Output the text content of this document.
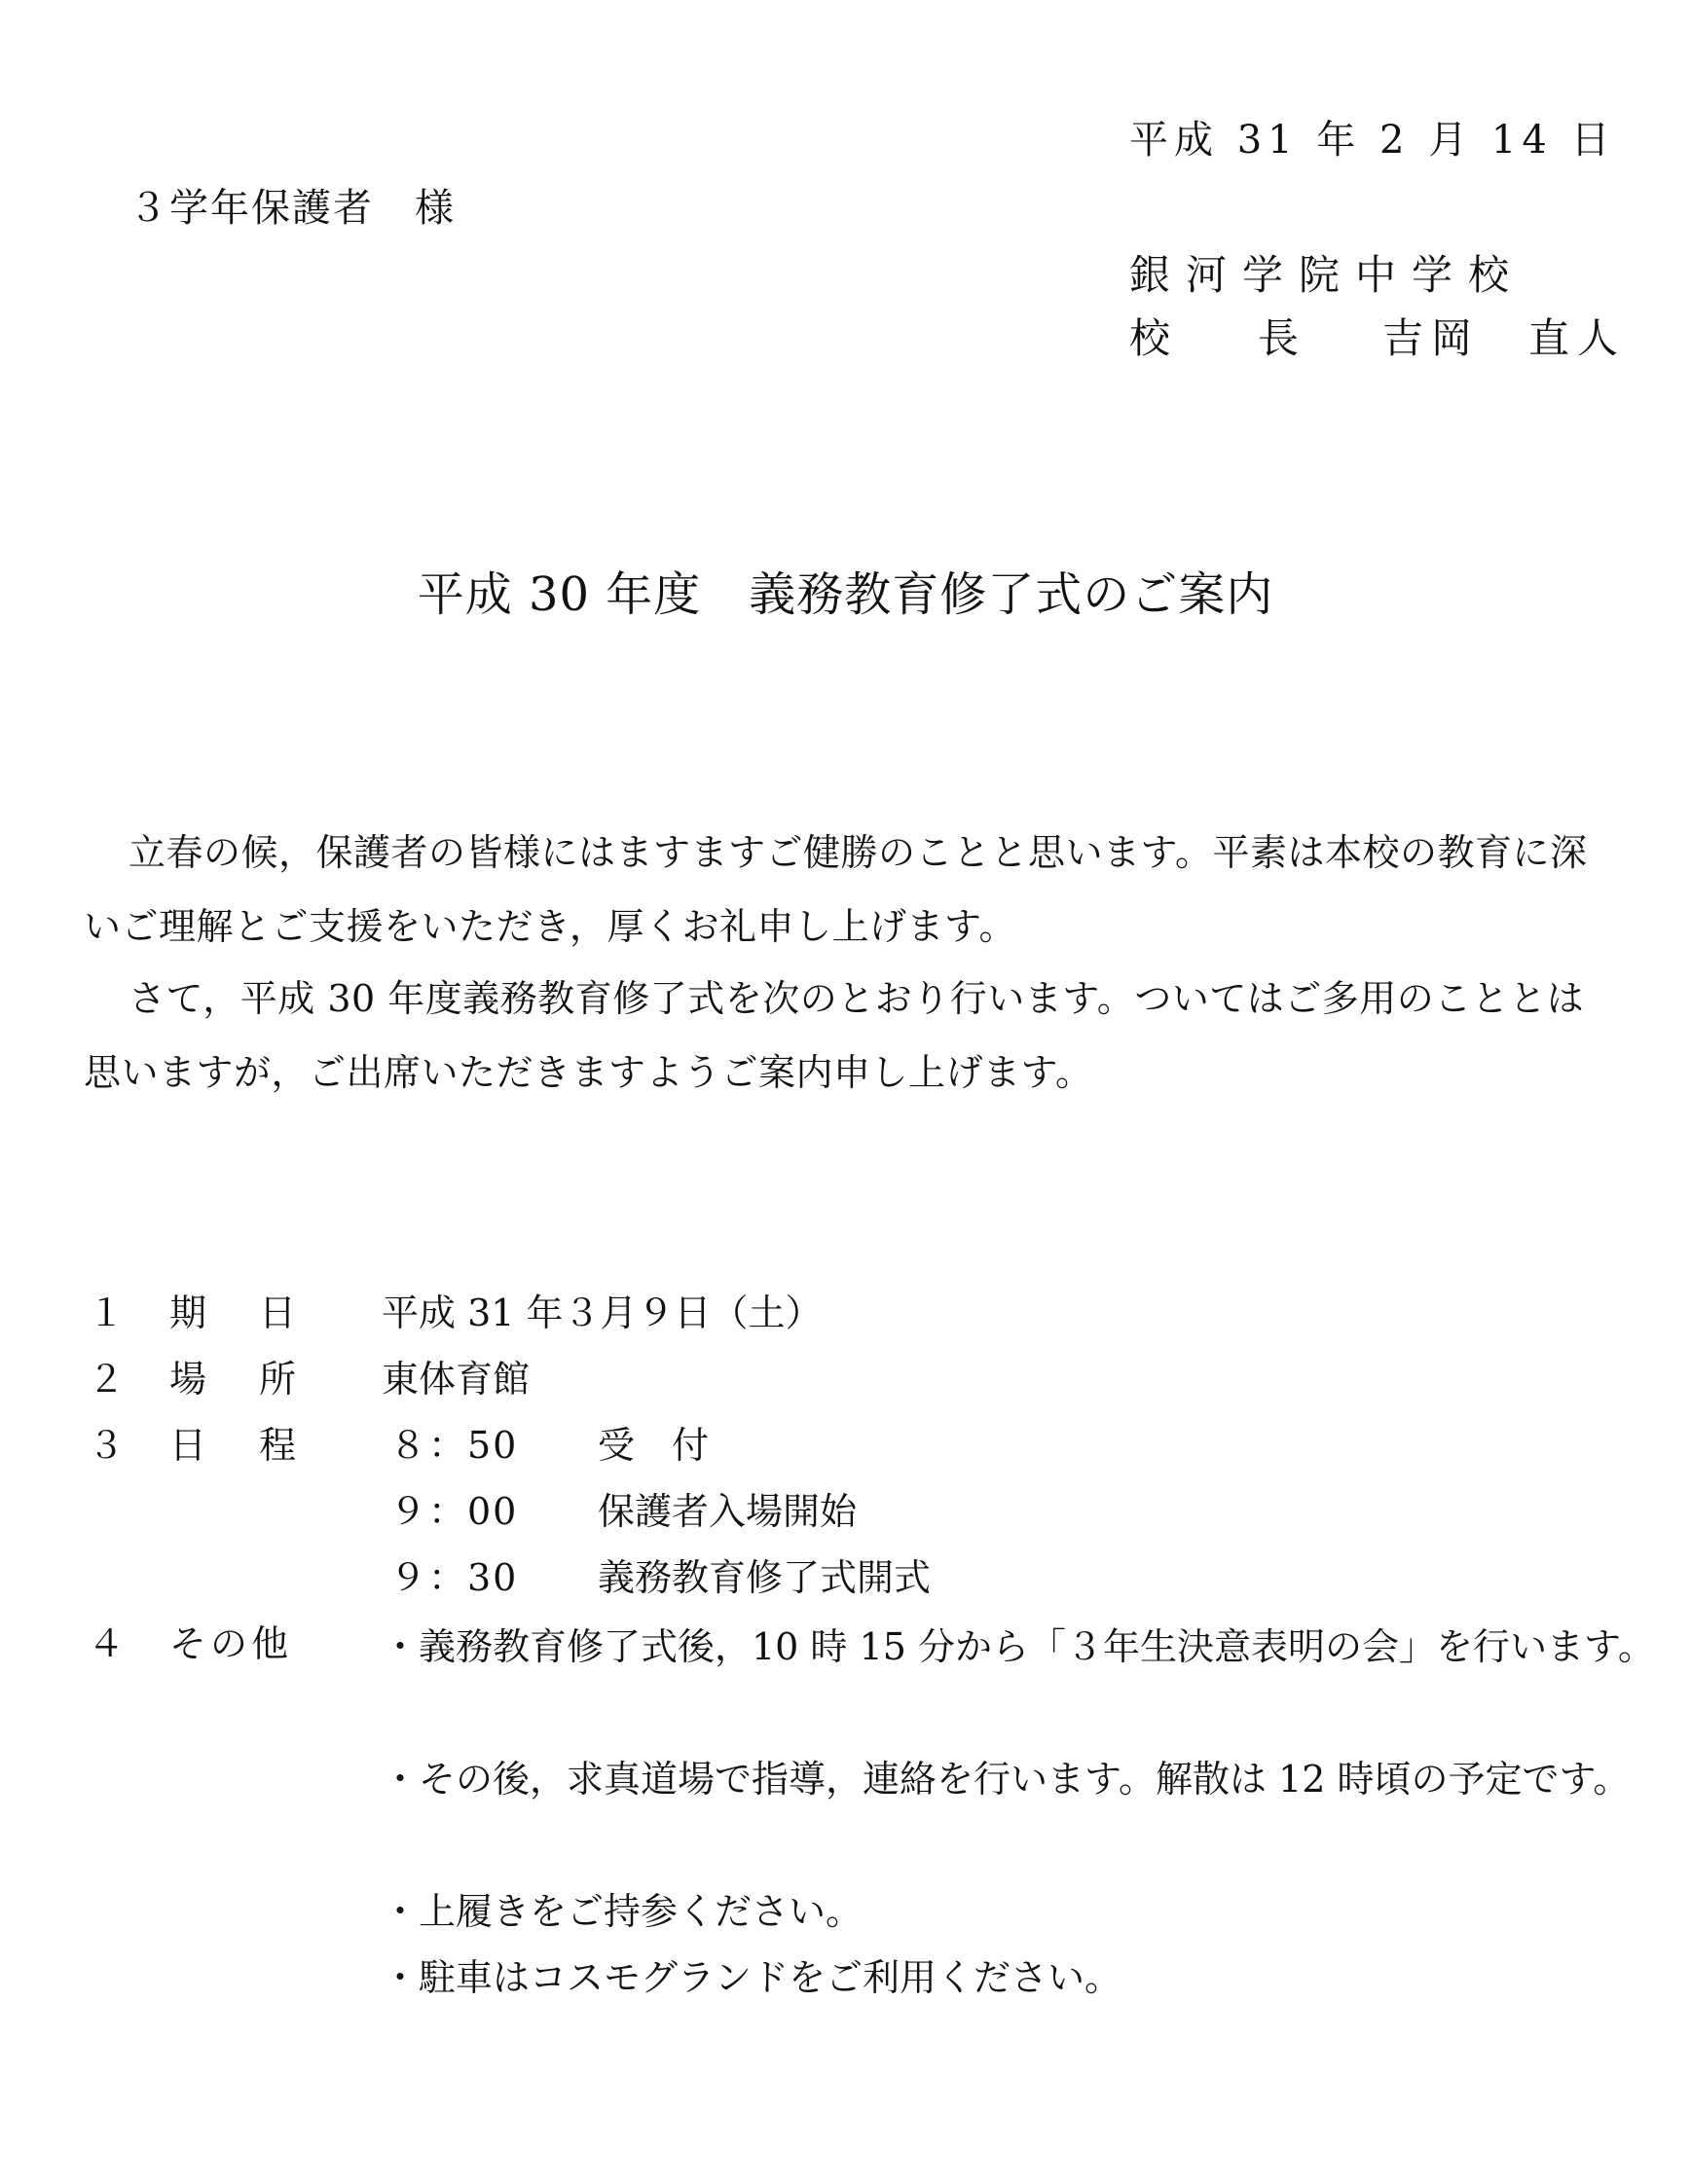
平成 31 年 2 月 14 日
３学年保護者　様
銀河学院中学校
校長吉岡　直人
平成 30 年度　義務教育修了式のご案内

立春の候，保護者の皆様にはますますご健勝のことと思います。平素は本校の教育に深いご理解とご支援をいただき，厚くお礼申し上げます。

さて，平成 30 年度義務教育修了式を次のとおり行います。ついてはご多用のこととは思いますが，ご出席いただきますようご案内申し上げます。

１ 期日 平成 31 年３月９日（土）
２ 場所 東体育館
３ 日程	８：50 受　付
９：00 保護者入場開始
９：30 義務教育修了式開式
４ その他	・義務教育修了式後，10 時 15 分から「３年生決意表明の会」を行います。
・その後，求真道場で指導，連絡を行います。解散は 12 時頃の予定です。
・上履きをご持参ください。
・駐車はコスモグランドをご利用ください。
